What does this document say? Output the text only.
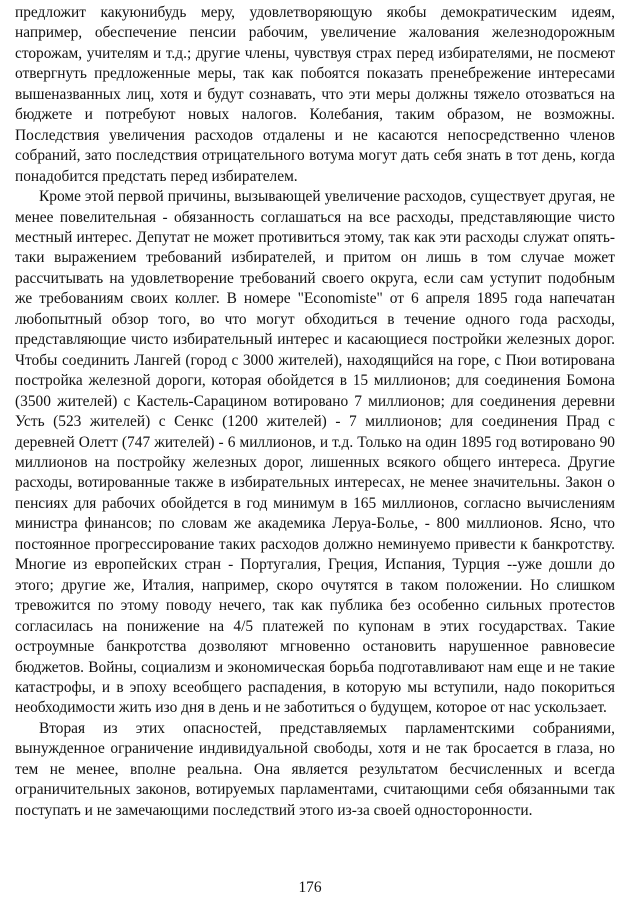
предложит какуюнибудь меру, удовлетворяющую якобы демократическим идеям, например, обеспечение пенсии рабочим, увеличение жалования железнодорожным сторожам, учителям и т.д.; другие члены, чувствуя страх перед избирателями, не посмеют отвергнуть предложенные меры, так как побоятся показать пренебрежение интересами вышеназванных лиц, хотя и будут сознавать, что эти меры должны тяжело отозваться на бюджете и потребуют новых налогов. Колебания, таким образом, не возможны. Последствия увеличения расходов отдалены и не касаются непосредственно членов собраний, зато последствия отрицательного вотума могут дать себя знать в тот день, когда понадобится предстать перед избирателем.

Кроме этой первой причины, вызывающей увеличение расходов, существует другая, не менее повелительная - обязанность соглашаться на все расходы, представляющие чисто местный интерес. Депутат не может противиться этому, так как эти расходы служат опять-таки выражением требований избирателей, и притом он лишь в том случае может рассчитывать на удовлетворение требований своего округа, если сам уступит подобным же требованиям своих коллег. В номере "Economiste" от 6 апреля 1895 года напечатан любопытный обзор того, во что могут обходиться в течение одного года расходы, представляющие чисто избирательный интерес и касающиеся постройки железных дорог. Чтобы соединить Лангей (город с 3000 жителей), находящийся на горе, с Пюи вотирована постройка железной дороги, которая обойдется в 15 миллионов; для соединения Бомона (3500 жителей) с Кастель-Сарацином вотировано 7 миллионов; для соединения деревни Усть (523 жителей) с Сенкс (1200 жителей) - 7 миллионов; для соединения Прад с деревней Олетт (747 жителей) - 6 миллионов, и т.д. Только на один 1895 год вотировано 90 миллионов на постройку железных дорог, лишенных всякого общего интереса. Другие расходы, вотированные также в избирательных интересах, не менее значительны. Закон о пенсиях для рабочих обойдется в год минимум в 165 миллионов, согласно вычислениям министра финансов; по словам же академика Леруа-Болье, - 800 миллионов. Ясно, что постоянное прогрессирование таких расходов должно неминуемо привести к банкротству. Многие из европейских стран - Португалия, Греция, Испания, Турция --уже дошли до этого; другие же, Италия, например, скоро очутятся в таком положении. Но слишком тревожится по этому поводу нечего, так как публика без особенно сильных протестов согласилась на понижение на 4/5 платежей по купонам в этих государствах. Такие остроумные банкротства дозволяют мгновенно остановить нарушенное равновесие бюджетов. Войны, социализм и экономическая борьба подготавливают нам еще и не такие катастрофы, и в эпоху всеобщего распадения, в которую мы вступили, надо покориться необходимости жить изо дня в день и не заботиться о будущем, которое от нас ускользает.

Вторая из этих опасностей, представляемых парламентскими собраниями, вынужденное ограничение индивидуальной свободы, хотя и не так бросается в глаза, но тем не менее, вполне реальна. Она является результатом бесчисленных и всегда ограничительных законов, вотируемых парламентами, считающими себя обязанными так поступать и не замечающими последствий этого из-за своей односторонности.

176
